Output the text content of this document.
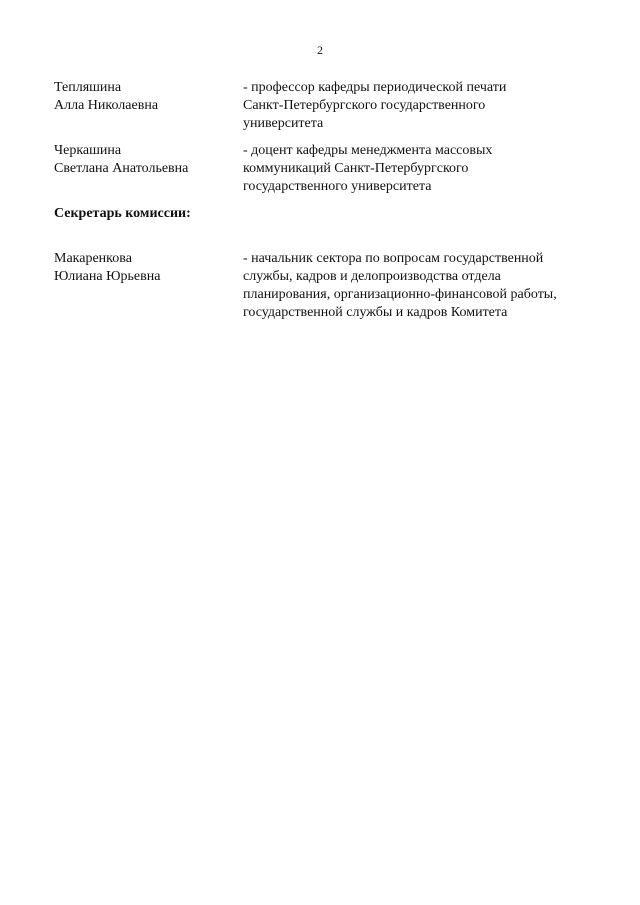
2
Тепляшина
Алла Николаевна
- профессор кафедры периодической печати
Санкт-Петербургского государственного
университета
Черкашина
Светлана Анатольевна
- доцент кафедры менеджмента массовых
коммуникаций Санкт-Петербургского
государственного университета
Секретарь комиссии:
Макаренкова
Юлиана Юрьевна
- начальник сектора по вопросам государственной
службы, кадров и делопроизводства отдела
планирования, организационно-финансовой работы,
государственной службы и кадров Комитета
